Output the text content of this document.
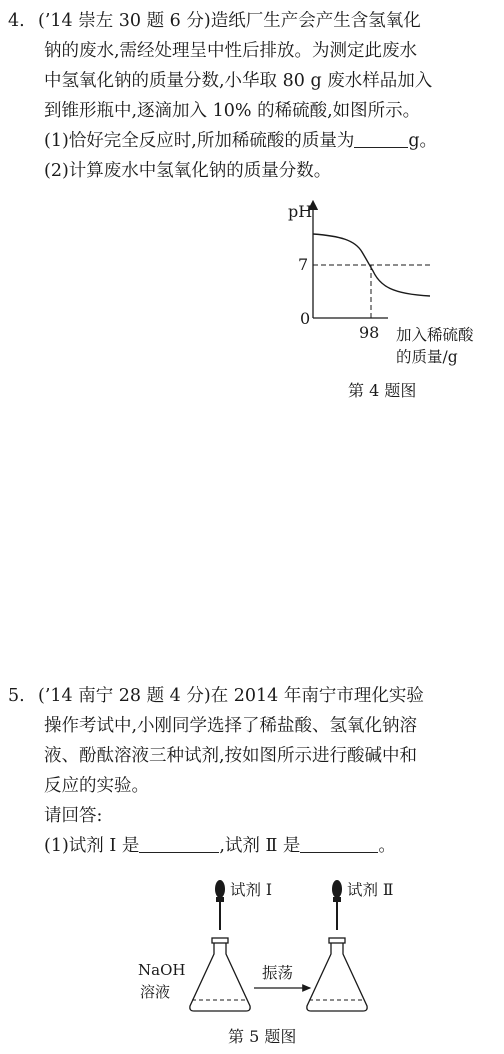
4. (’14 崇左 30 题 6 分)造纸厂生产会产生含氢氧化
钠的废水,需经处理呈中性后排放。为测定此废水
中氢氧化钠的质量分数,小华取 80 g 废水样品加入
到锥形瓶中,逐滴加入 10% 的稀硫酸,如图所示。
(1)恰好完全反应时,所加稀硫酸的质量为	g。
(2)计算废水中氢氧化钠的质量分数。
pH
7
0
98 加入稀硫酸
的质量/g
第 4 题图
5. (’14 南宁 28 题 4 分)在 2014 年南宁市理化实验
操作考试中,小刚同学选择了稀盐酸、氢氧化钠溶
液、酚酞溶液三种试剂,按如图所示进行酸碱中和
反应的实验。
请回答:
(1)试剂 Ⅰ 是	,试剂 Ⅱ 是	。
试剂 Ⅰ
NaOH
溶液
振荡
试剂 Ⅱ
第 5 题图
